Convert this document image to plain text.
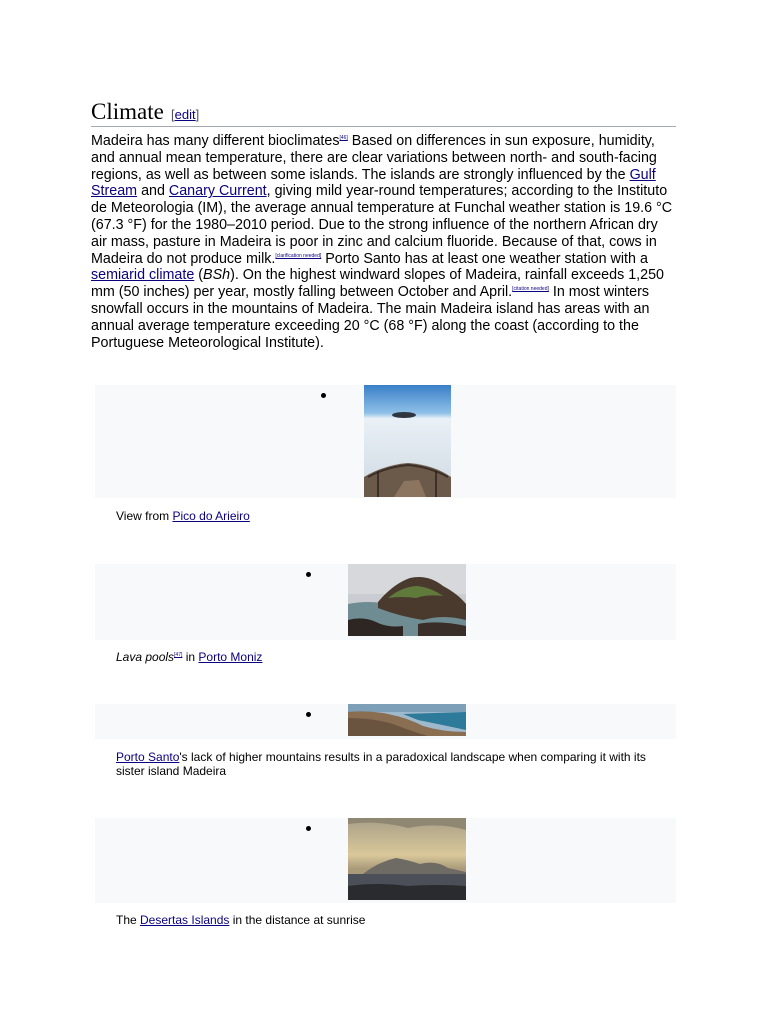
Climate [edit]
Madeira has many different bioclimates[46] Based on differences in sun exposure, humidity, and annual mean temperature, there are clear variations between north- and south-facing regions, as well as between some islands. The islands are strongly influenced by the Gulf Stream and Canary Current, giving mild year-round temperatures; according to the Instituto de Meteorologia (IM), the average annual temperature at Funchal weather station is 19.6 °C (67.3 °F) for the 1980–2010 period. Due to the strong influence of the northern African dry air mass, pasture in Madeira is poor in zinc and calcium fluoride. Because of that, cows in Madeira do not produce milk.[clarification needed] Porto Santo has at least one weather station with a semiarid climate (BSh). On the highest windward slopes of Madeira, rainfall exceeds 1,250 mm (50 inches) per year, mostly falling between October and April.[citation needed] In most winters snowfall occurs in the mountains of Madeira. The main Madeira island has areas with an annual average temperature exceeding 20 °C (68 °F) along the coast (according to the Portuguese Meteorological Institute).
View from Pico do Arieiro
Lava pools[47] in Porto Moniz
Porto Santo's lack of higher mountains results in a paradoxical landscape when comparing it with its sister island Madeira
The Desertas Islands in the distance at sunrise
